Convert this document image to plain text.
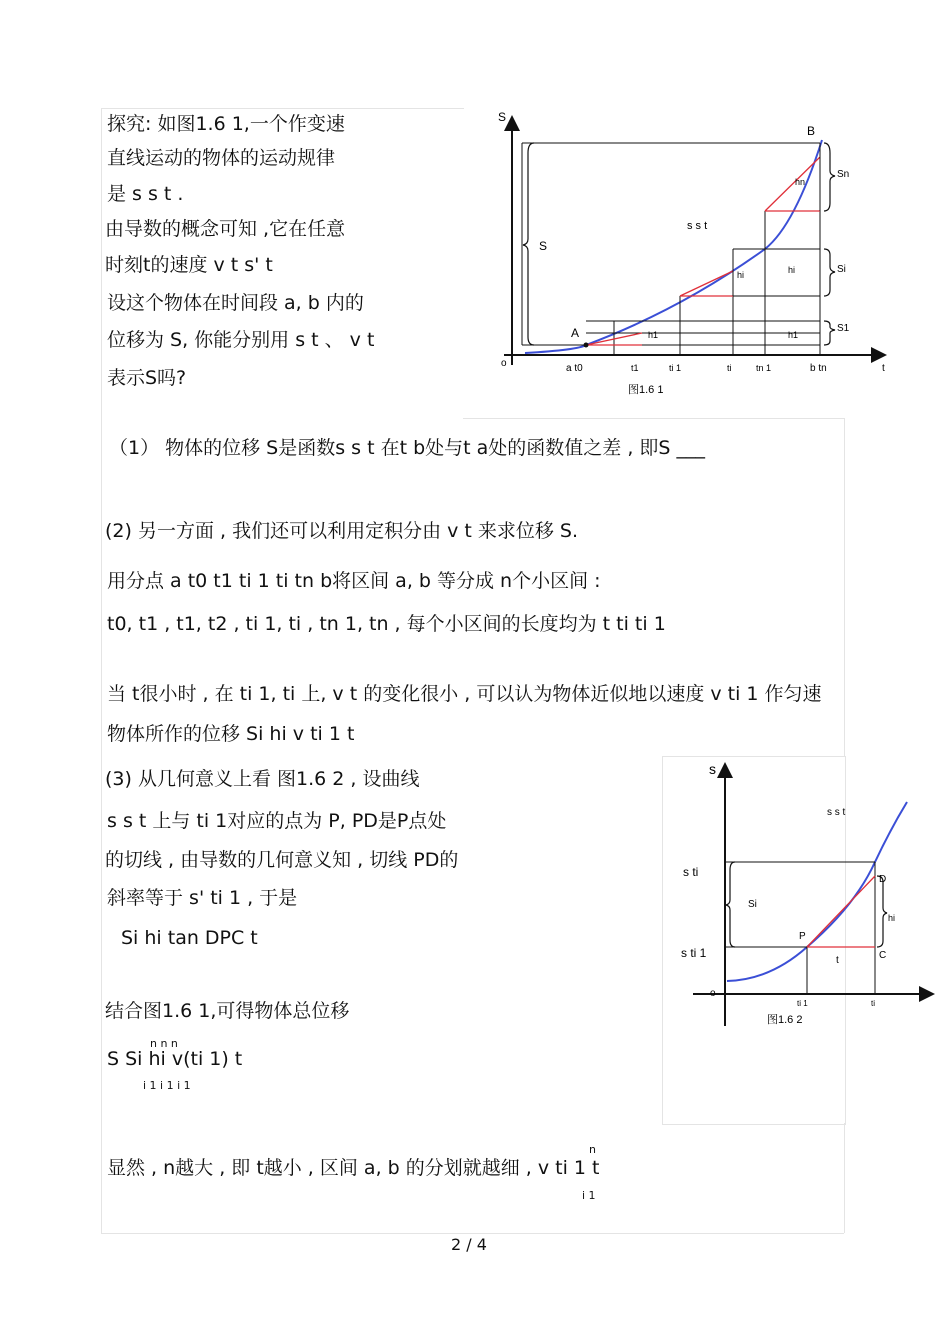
探究: 如图1.6 1,一个作变速
直线运动的物体的运动规律
是 s s t .
由导数的概念可知 ,它在任意
时刻t的速度 v t s' t
设这个物体在时间段 a, b 内的
位移为 S, 你能分别用 s t 、 v t
表示S吗?
S
t
o
A
B
s s t
S
hn
hi	hi
h1	h1
Sn
Si
S1
a t0	t1	ti 1	ti	tn 1	b tn
图1.6 1
（1） 物体的位移 S是函数s s t 在t b处与t a处的函数值之差 , 即S ___
(2) 另一方面 , 我们还可以利用定积分由 v t 来求位移 S.
用分点 a t0 t1 ti 1 ti tn b将区间 a, b 等分成 n个小区间 :
t0, t1 , t1, t2 , ti 1, ti , tn 1, tn , 每个小区间的长度均为 t ti ti 1
当 t很小时 , 在 ti 1, ti 上, v t 的变化很小 , 可以认为物体近似地以速度 v ti 1 作匀速
物体所作的位移 Si hi v ti 1 t
(3) 从几何意义上看 图1.6 2 , 设曲线
s s t 上与 ti 1对应的点为 P, PD是P点处
的切线 , 由导数的几何意义知 , 切线 PD的
斜率等于 s' ti 1 , 于是
Si hi tan DPC t
结合图1.6 1,可得物体总位移
n n n
S Si hi v(ti 1) t
i 1 i 1 i 1
n
显然 , n越大 , 即 t越小 , 区间 a, b 的分划就越细 , v ti 1 t
i 1
s
s s t
o
s ti
s ti 1
Si
hi
D
P
C
t
ti 1	ti
图1.6 2
2 / 4
